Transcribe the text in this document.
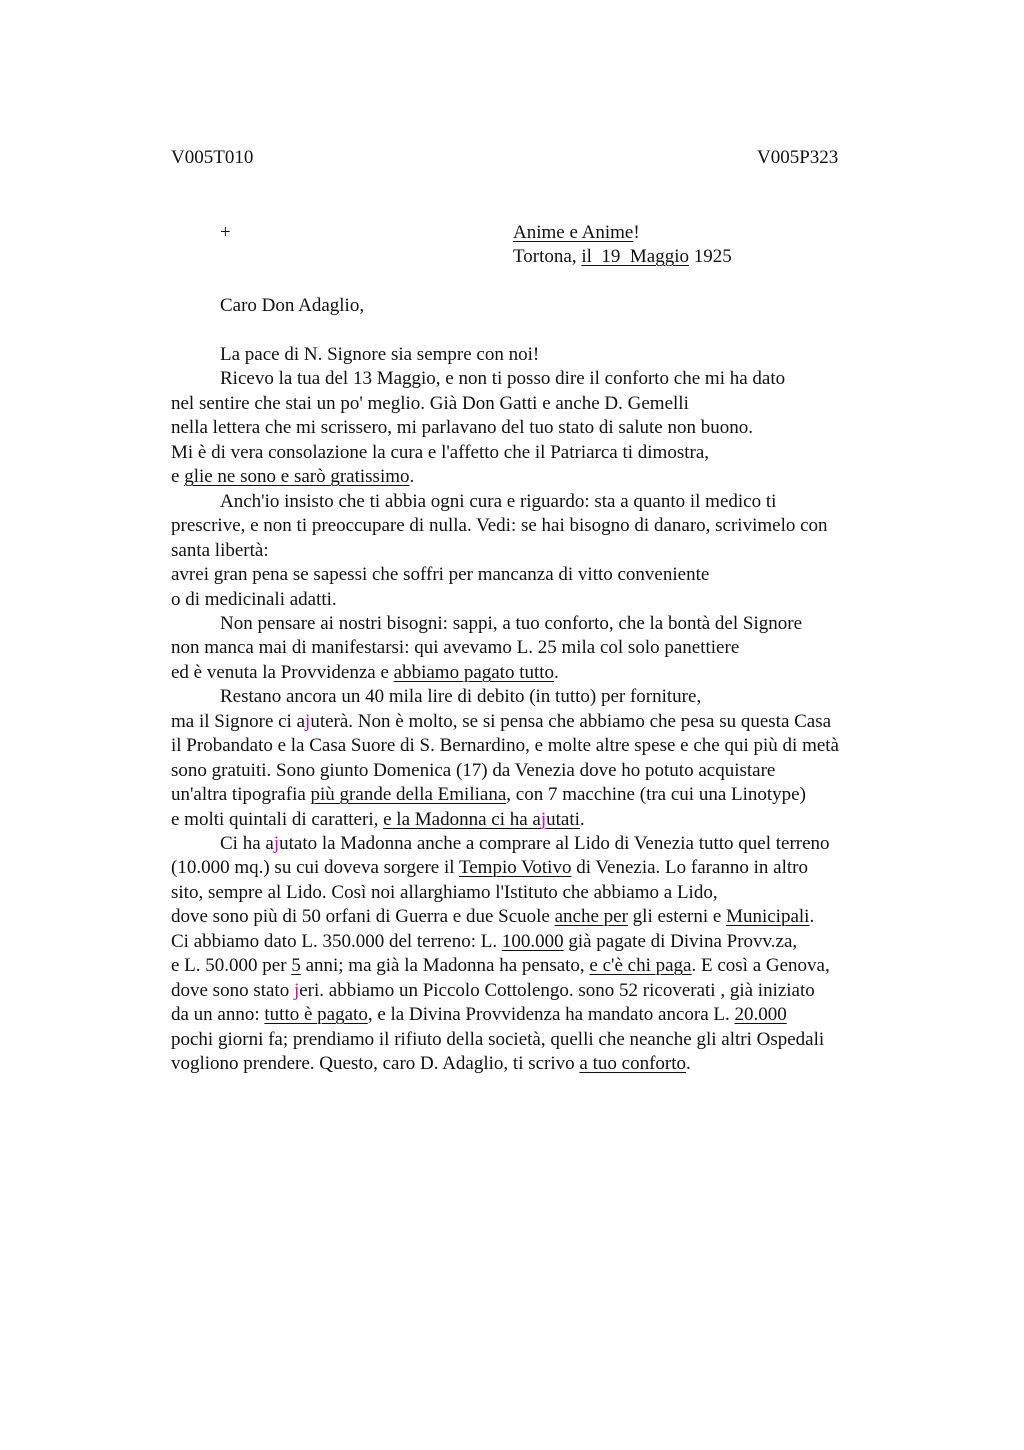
V005T010	V005P323
+	Anime e Anime!
Tortona, il  19  Maggio 1925
Caro Don Adaglio,
La pace di N. Signore sia sempre con noi!
Ricevo la tua del 13 Maggio, e non ti posso dire il conforto che mi ha dato
nel sentire che stai un po' meglio. Già Don Gatti e anche D. Gemelli
nella lettera che mi scrissero, mi parlavano del tuo stato di salute non buono.
Mi è di vera consolazione la cura e l'affetto che il Patriarca ti dimostra,
e glie ne sono e sarò gratissimo.
Anch'io insisto che ti abbia ogni cura e riguardo: sta a quanto il medico ti
prescrive, e non ti preoccupare di nulla. Vedi: se hai bisogno di danaro, scrivimelo con
santa libertà:
avrei gran pena se sapessi che soffri per mancanza di vitto conveniente
o di medicinali adatti.
Non pensare ai nostri bisogni: sappi, a tuo conforto, che la bontà del Signore
non manca mai di manifestarsi: qui avevamo L. 25 mila col solo panettiere
ed è venuta la Provvidenza e abbiamo pagato tutto.
Restano ancora un 40 mila lire di debito (in tutto) per forniture,
ma il Signore ci ajuterà. Non è molto, se si pensa che abbiamo che pesa su questa Casa
il Probandato e la Casa Suore di S. Bernardino, e molte altre spese e che qui più di metà
sono gratuiti. Sono giunto Domenica (17) da Venezia dove ho potuto acquistare
un'altra tipografia più grande della Emiliana, con 7 macchine (tra cui una Linotype)
e molti quintali di caratteri, e la Madonna ci ha ajutati.
Ci ha ajutato la Madonna anche a comprare al Lido di Venezia tutto quel terreno
(10.000 mq.) su cui doveva sorgere il Tempio Votivo di Venezia. Lo faranno in altro
sito, sempre al Lido. Così noi allarghiamo l'Istituto che abbiamo a Lido,
dove sono più di 50 orfani di Guerra e due Scuole anche per gli esterni e Municipali.
Ci abbiamo dato L. 350.000 del terreno: L. 100.000 già pagate di Divina Provv.za,
e L. 50.000 per 5 anni; ma già la Madonna ha pensato, e c'è chi paga. E così a Genova,
dove sono stato jeri. abbiamo un Piccolo Cottolengo. sono 52 ricoverati , già iniziato
da un anno: tutto è pagato, e la Divina Provvidenza ha mandato ancora L. 20.000
pochi giorni fa; prendiamo il rifiuto della società, quelli che neanche gli altri Ospedali
vogliono prendere. Questo, caro D. Adaglio, ti scrivo a tuo conforto.
